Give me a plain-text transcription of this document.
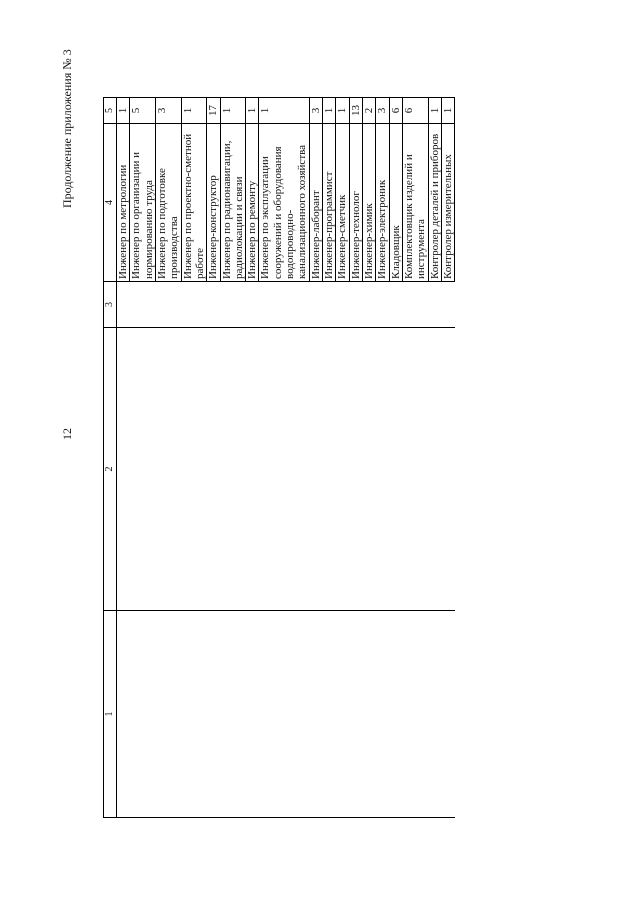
Продолжение приложения № 3
12
1	2	3	4	5
			Инженер по метрологии	1
			Инженер по организации и нормированию труда	5
			Инженер по подготовке производства	3
			Инженер по проектно-сметной работе	1
			Инженер-конструктор	17
			Инженер по радионавигации, радиолокации и связи	1
			Инженер по ремонту	1
			Инженер по эксплуатации сооружений и оборудования водопроводно-канализационного хозяйства	1
			Инженер-лаборант	3
			Инженер-программист	1
			Инженер-сметчик	1
			Инженер-технолог	13
			Инженер-химик	2
			Инженер-электроник	3
			Кладовщик	6
			Комплектовщик изделий и инструмента	6
			Контролер деталей и приборов	1
			Контролер измерительных	1
